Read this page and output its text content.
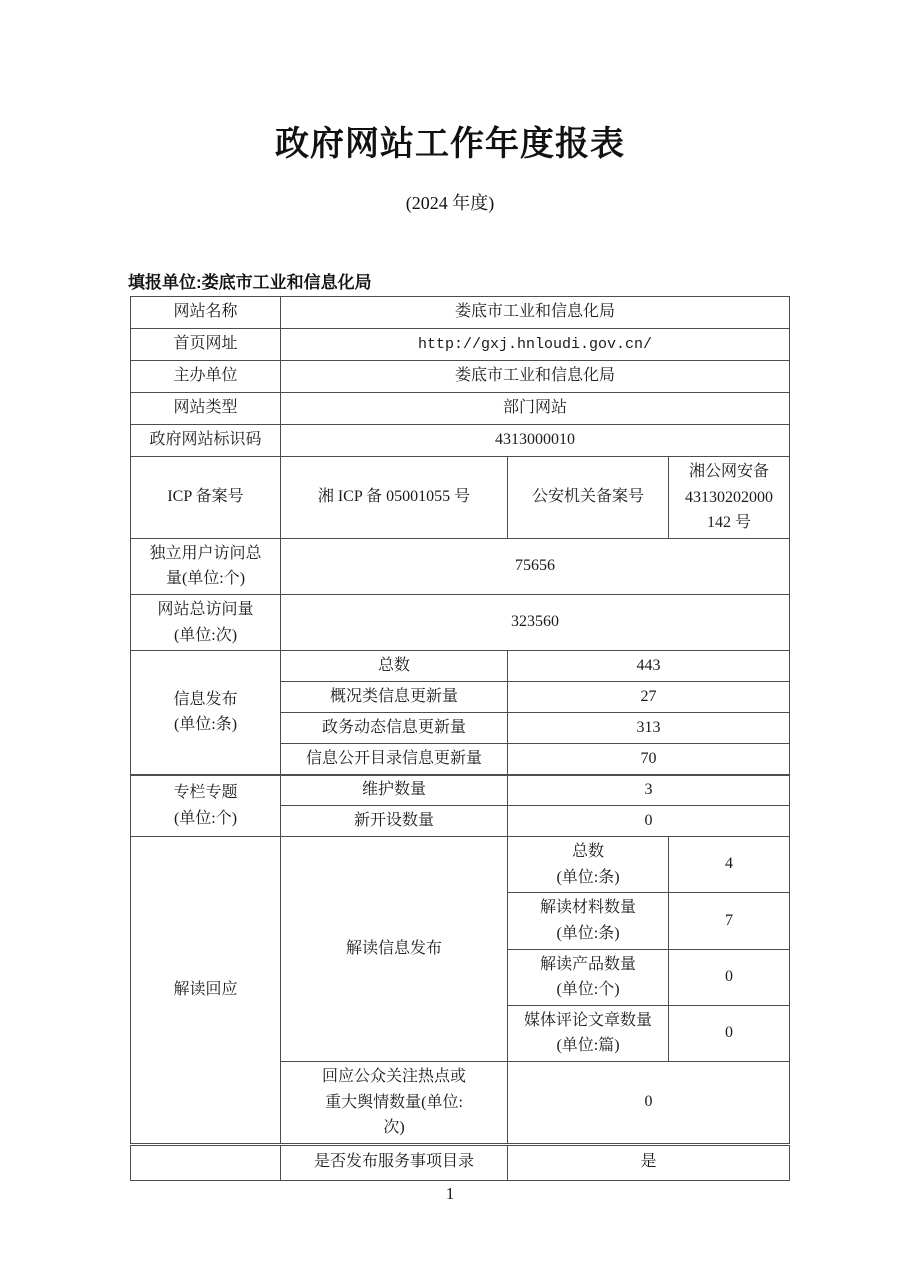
政府网站工作年度报表
(2024 年度)
填报单位:娄底市工业和信息化局
网站名称	娄底市工业和信息化局		
首页网址	http://gxj.hnloudi.gov.cn/		
主办单位	娄底市工业和信息化局		
网站类型	部门网站		
政府网站标识码	4313000010		
ICP 备案号	湘 ICP 备 05001055 号	公安机关备案号	湘公网安备
43130202000
142 号

独立用户访问总
量(单位:个)	75656		

网站总访问量
(单位:次)	323560		

信息发布
(单位:条)	总数	443	
	概况类信息更新量	27	
	政务动态信息更新量	313	
	信息公开目录信息更新量	70	

专栏专题
(单位:个)	维护数量	3	
	新开设数量	0	
解读回应	解读信息发布	总数
(单位:条)	4

		解读材料数量
(单位:条)	7

		解读产品数量
(单位:个)	0

		媒体评论文章数量
(单位:篇)	0

	回应公众关注热点或
重大舆情数量(单位:
次)	0	
	是否发布服务事项目录	是	
1
